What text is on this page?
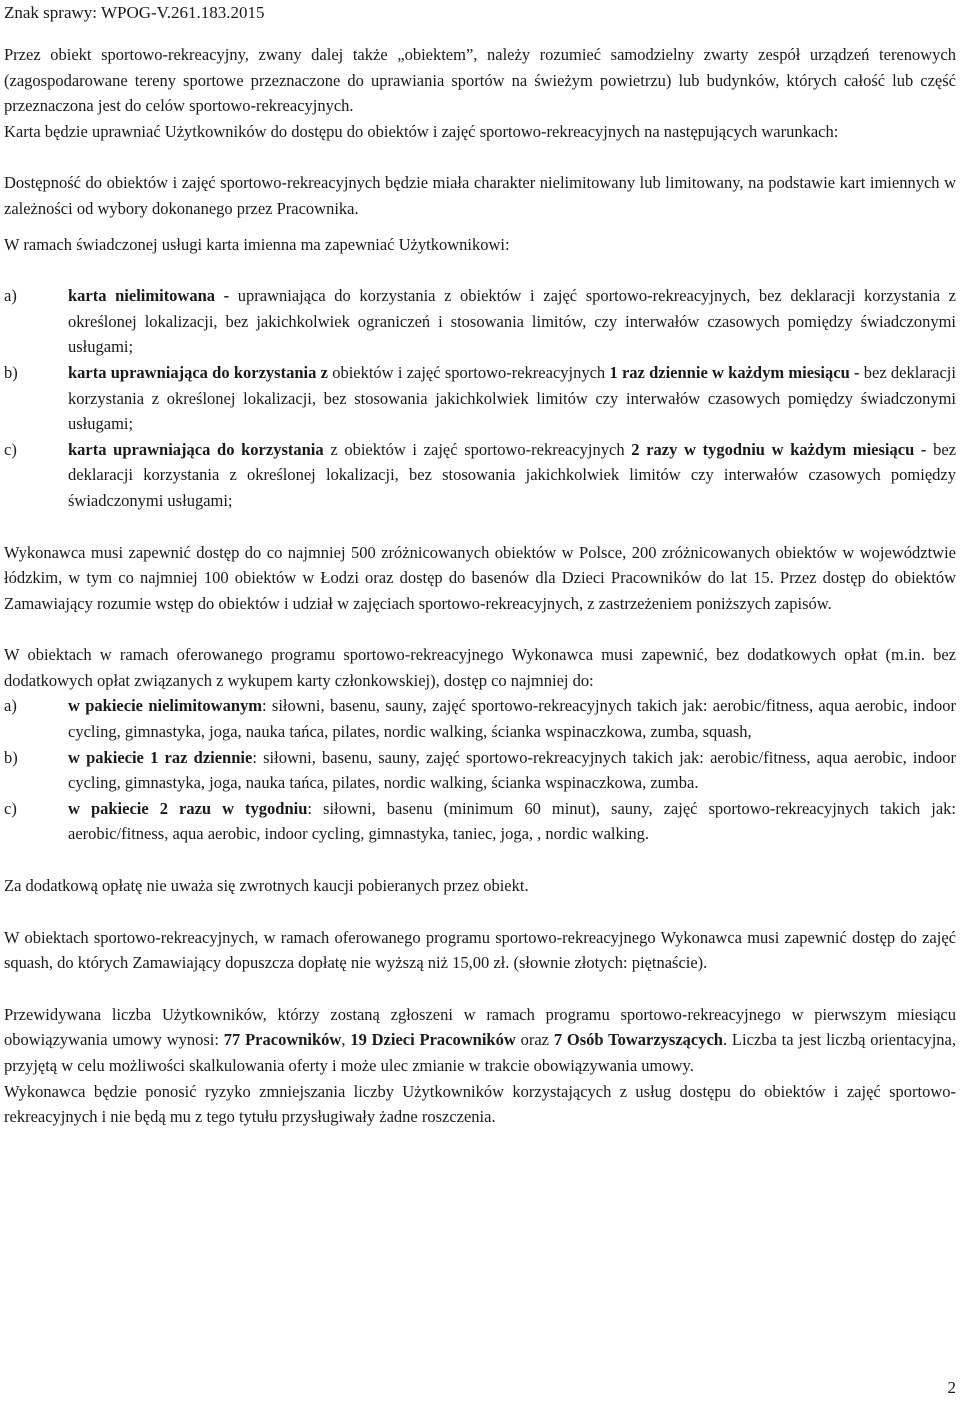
Znak sprawy: WPOG-V.261.183.2015

Przez obiekt sportowo-rekreacyjny, zwany dalej także „obiektem”, należy rozumieć samodzielny zwarty zespół urządzeń terenowych (zagospodarowane tereny sportowe przeznaczone do uprawiania sportów na świeżym powietrzu) lub budynków, których całość lub część przeznaczona jest do celów sportowo-rekreacyjnych.

Karta będzie uprawniać Użytkowników do dostępu do obiektów i zajęć sportowo-rekreacyjnych na następujących warunkach:

Dostępność do obiektów i zajęć sportowo-rekreacyjnych będzie miała charakter nielimitowany lub limitowany, na podstawie kart imiennych w zależności od wybory dokonanego przez Pracownika.

W ramach świadczonej usługi karta imienna ma zapewniać Użytkownikowi:

a)	karta nielimitowana - uprawniająca do korzystania z obiektów i zajęć sportowo-rekreacyjnych, bez deklaracji korzystania z określonej lokalizacji, bez jakichkolwiek ograniczeń i stosowania limitów, czy interwałów czasowych pomiędzy świadczonymi usługami;
b)	karta uprawniająca do korzystania z obiektów i zajęć sportowo-rekreacyjnych 1 raz dziennie w każdym miesiącu - bez deklaracji korzystania z określonej lokalizacji, bez stosowania jakichkolwiek limitów czy interwałów czasowych pomiędzy świadczonymi usługami;
c)	karta uprawniająca do korzystania z obiektów i zajęć sportowo-rekreacyjnych 2 razy w tygodniu w każdym miesiącu - bez deklaracji korzystania z określonej lokalizacji, bez stosowania jakichkolwiek limitów czy interwałów czasowych pomiędzy świadczonymi usługami;

Wykonawca musi zapewnić dostęp do co najmniej 500 zróżnicowanych obiektów w Polsce, 200 zróżnicowanych obiektów w województwie łódzkim, w tym co najmniej 100 obiektów w Łodzi oraz dostęp do basenów dla Dzieci Pracowników do lat 15. Przez dostęp do obiektów Zamawiający rozumie wstęp do obiektów i udział w zajęciach sportowo-rekreacyjnych, z zastrzeżeniem poniższych zapisów.

W obiektach w ramach oferowanego programu sportowo-rekreacyjnego Wykonawca musi zapewnić, bez dodatkowych opłat (m.in. bez dodatkowych opłat związanych z wykupem karty członkowskiej), dostęp co najmniej do:

a)	w pakiecie nielimitowanym: siłowni, basenu, sauny, zajęć sportowo-rekreacyjnych takich jak: aerobic/fitness, aqua aerobic, indoor cycling, gimnastyka, joga, nauka tańca, pilates, nordic walking, ścianka wspinaczkowa, zumba, squash,
b)	w pakiecie 1 raz dziennie: siłowni, basenu, sauny, zajęć sportowo-rekreacyjnych takich jak: aerobic/fitness, aqua aerobic, indoor cycling, gimnastyka, joga, nauka tańca, pilates, nordic walking, ścianka wspinaczkowa, zumba.
c)	w pakiecie 2 razu w tygodniu: siłowni, basenu (minimum 60 minut), sauny, zajęć sportowo-rekreacyjnych takich jak: aerobic/fitness, aqua aerobic, indoor cycling, gimnastyka, taniec, joga, , nordic walking.

Za dodatkową opłatę nie uważa się zwrotnych kaucji pobieranych przez obiekt.

W obiektach sportowo-rekreacyjnych, w ramach oferowanego programu sportowo-rekreacyjnego Wykonawca musi zapewnić dostęp do zajęć squash, do których Zamawiający dopuszcza dopłatę nie wyższą niż 15,00 zł. (słownie złotych: piętnaście).

Przewidywana liczba Użytkowników, którzy zostaną zgłoszeni w ramach programu sportowo-rekreacyjnego w pierwszym miesiącu obowiązywania umowy wynosi: 77 Pracowników, 19 Dzieci Pracowników oraz 7 Osób Towarzyszących. Liczba ta jest liczbą orientacyjna, przyjętą w celu możliwości skalkulowania oferty i może ulec zmianie w trakcie obowiązywania umowy.

Wykonawca będzie ponosić ryzyko zmniejszania liczby Użytkowników korzystających z usług dostępu do obiektów i zajęć sportowo-rekreacyjnych i nie będą mu z tego tytułu przysługiwały żadne roszczenia.

2
